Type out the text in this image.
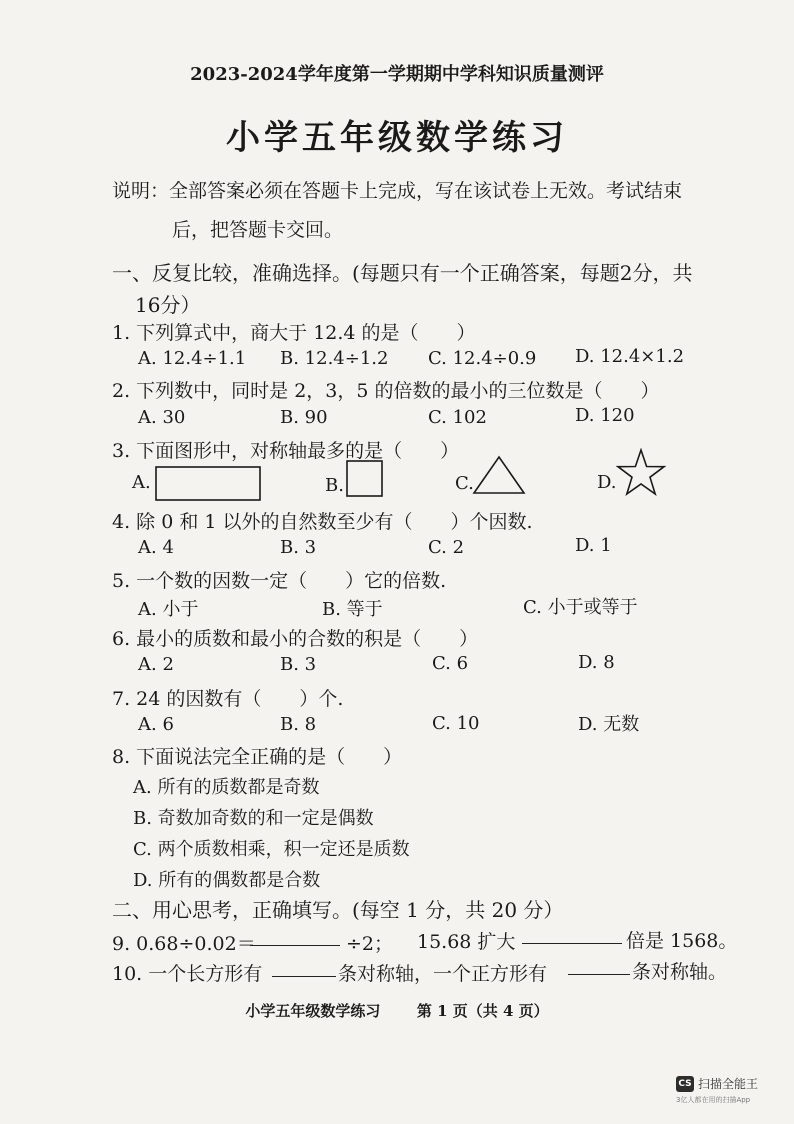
2023-2024学年度第一学期期中学科知识质量测评
小学五年级数学练习
说明：全部答案必须在答题卡上完成，写在该试卷上无效。考试结束
后，把答题卡交回。
一、反复比较，准确选择。(每题只有一个正确答案，每题2分，共
16分）
1. 下列算式中，商大于 12.4 的是（　　）
A. 12.4÷1.1 B. 12.4÷1.2 C. 12.4÷0.9 D. 12.4×1.2
2. 下列数中，同时是 2，3，5 的倍数的最小的三位数是（　　）
A. 30	B. 90	C. 102	D. 120
3. 下面图形中，对称轴最多的是（　　）
A.	B.	C.	D.
4. 除 0 和 1 以外的自然数至少有（　　）个因数.
A. 4	B. 3	C. 2	D. 1
5. 一个数的因数一定（　　）它的倍数.
A. 小于	B. 等于	C. 小于或等于
6. 最小的质数和最小的合数的积是（　　）
A. 2	B. 3	C. 6	D. 8
7. 24 的因数有（　　）个.
A. 6	B. 8	C. 10	D. 无数
8. 下面说法完全正确的是（　　）
A. 所有的质数都是奇数
B. 奇数加奇数的和一定是偶数
C. 两个质数相乘，积一定还是质数
D. 所有的偶数都是合数
二、用心思考，正确填写。(每空 1 分，共 20 分）
9. 0.68÷0.02＝	÷2； 15.68 扩大	倍是 1568。
10. 一个长方形有	条对称轴，一个正方形有	条对称轴。
小学五年级数学练习 第 1 页（共 4 页）
CS 扫描全能王
3亿人都在用的扫描App
